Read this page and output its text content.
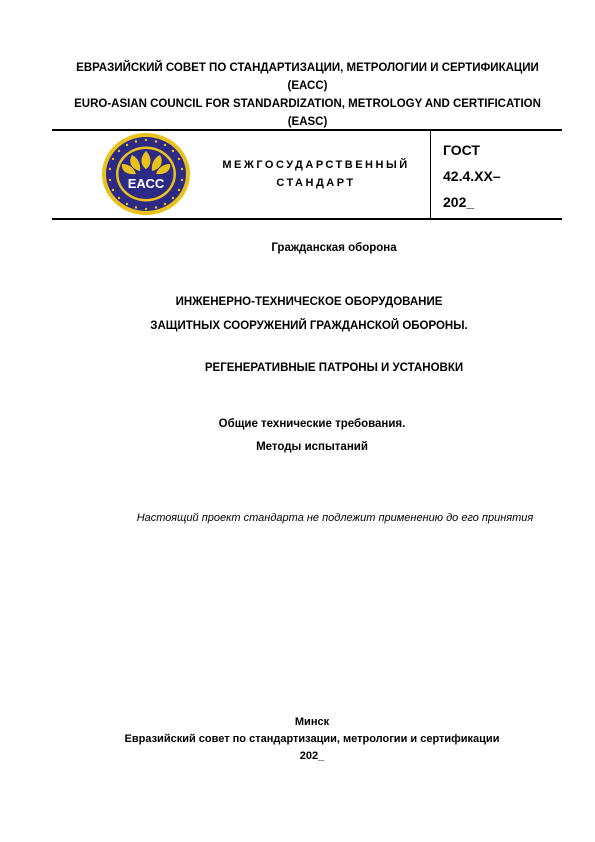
ЕВРАЗИЙСКИЙ СОВЕТ ПО СТАНДАРТИЗАЦИИ, МЕТРОЛОГИИ И СЕРТИФИКАЦИИ
(ЕАСС)
EURO-ASIAN COUNCIL FOR STANDARDIZATION, METROLOGY AND CERTIFICATION
(EASC)
ЕАСС
МЕЖГОСУДАРСТВЕННЫЙ
СТАНДАРТ
ГОСТ
42.4.ХХ–
202_
Гражданская оборона
ИНЖЕНЕРНО-ТЕХНИЧЕСКОЕ ОБОРУДОВАНИЕ
ЗАЩИТНЫХ СООРУЖЕНИЙ ГРАЖДАНСКОЙ ОБОРОНЫ.
РЕГЕНЕРАТИВНЫЕ ПАТРОНЫ И УСТАНОВКИ
Общие технические требования.
Методы испытаний
Настоящий проект стандарта не подлежит применению до его принятия
Минск
Евразийский совет по стандартизации, метрологии и сертификации
202_
